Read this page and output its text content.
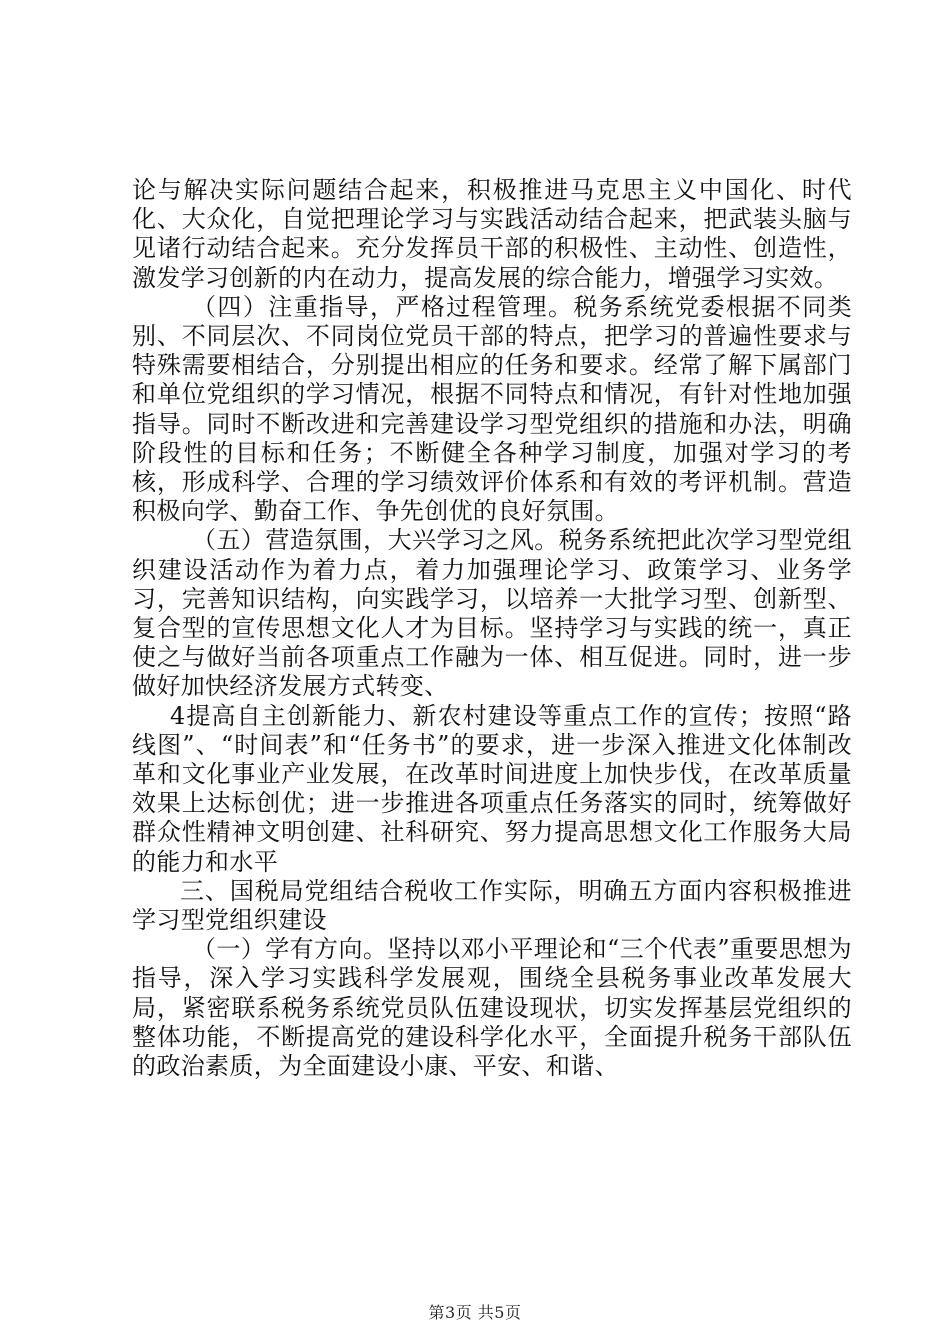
论与解决实际问题结合起来，积极推进马克思主义中国化、时代化、大众化，自觉把理论学习与实践活动结合起来，把武装头脑与见诸行动结合起来。充分发挥员干部的积极性、主动性、创造性，激发学习创新的内在动力，提高发展的综合能力，增强学习实效。

（四）注重指导，严格过程管理。税务系统党委根据不同类别、不同层次、不同岗位党员干部的特点，把学习的普遍性要求与特殊需要相结合，分别提出相应的任务和要求。经常了解下属部门和单位党组织的学习情况，根据不同特点和情况，有针对性地加强指导。同时不断改进和完善建设学习型党组织的措施和办法，明确阶段性的目标和任务；不断健全各种学习制度，加强对学习的考核，形成科学、合理的学习绩效评价体系和有效的考评机制。营造积极向学、勤奋工作、争先创优的良好氛围。

（五）营造氛围，大兴学习之风。税务系统把此次学习型党组织建设活动作为着力点，着力加强理论学习、政策学习、业务学习，完善知识结构，向实践学习，以培养一大批学习型、创新型、复合型的宣传思想文化人才为目标。坚持学习与实践的统一，真正使之与做好当前各项重点工作融为一体、相互促进。同时，进一步做好加快经济发展方式转变、

4提高自主创新能力、新农村建设等重点工作的宣传；按照“路线图”、“时间表”和“任务书”的要求，进一步深入推进文化体制改革和文化事业产业发展，在改革时间进度上加快步伐，在改革质量效果上达标创优；进一步推进各项重点任务落实的同时，统筹做好群众性精神文明创建、社科研究、努力提高思想文化工作服务大局的能力和水平

三、国税局党组结合税收工作实际，明确五方面内容积极推进学习型党组织建设

（一）学有方向。坚持以邓小平理论和“三个代表”重要思想为指导，深入学习实践科学发展观，围绕全县税务事业改革发展大局，紧密联系税务系统党员队伍建设现状，切实发挥基层党组织的整体功能，不断提高党的建设科学化水平，全面提升税务干部队伍的政治素质，为全面建设小康、平安、和谐、

第3页 共5页
